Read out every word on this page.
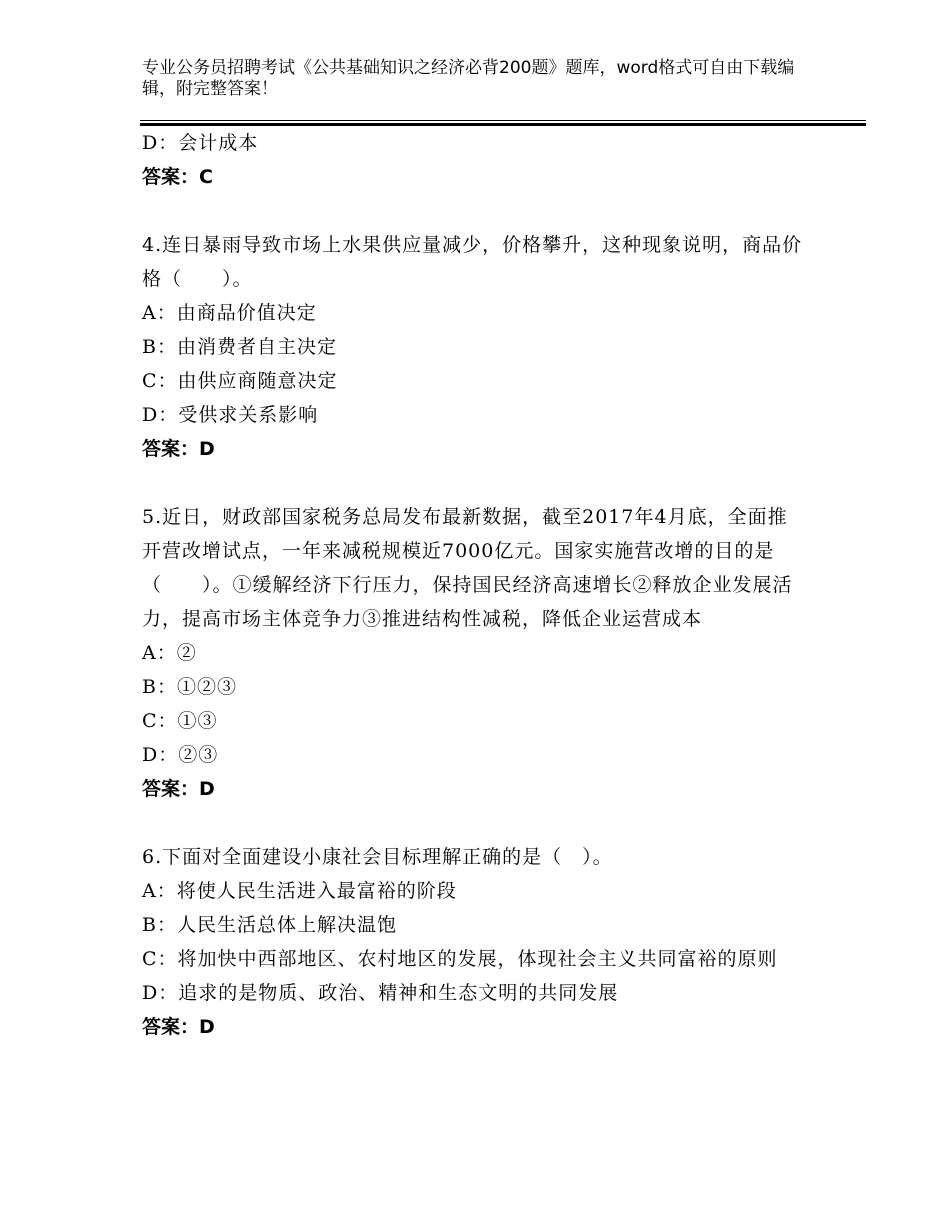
专业公务员招聘考试《公共基础知识之经济必背200题》题库，word格式可自由下载编辑，附完整答案！
D：会计成本
答案：C
4.连日暴雨导致市场上水果供应量减少，价格攀升，这种现象说明，商品价格（　　）。
A：由商品价值决定
B：由消费者自主决定
C：由供应商随意决定
D：受供求关系影响
答案：D
5.近日，财政部国家税务总局发布最新数据，截至2017年4月底，全面推开营改增试点，一年来减税规模近7000亿元。国家实施营改增的目的是（　　）。①缓解经济下行压力，保持国民经济高速增长②释放企业发展活力，提高市场主体竞争力③推进结构性减税，降低企业运营成本
A：②
B：①②③
C：①③
D：②③
答案：D
6.下面对全面建设小康社会目标理解正确的是（　）。
A：将使人民生活进入最富裕的阶段
B：人民生活总体上解决温饱
C：将加快中西部地区、农村地区的发展，体现社会主义共同富裕的原则
D：追求的是物质、政治、精神和生态文明的共同发展
答案：D
